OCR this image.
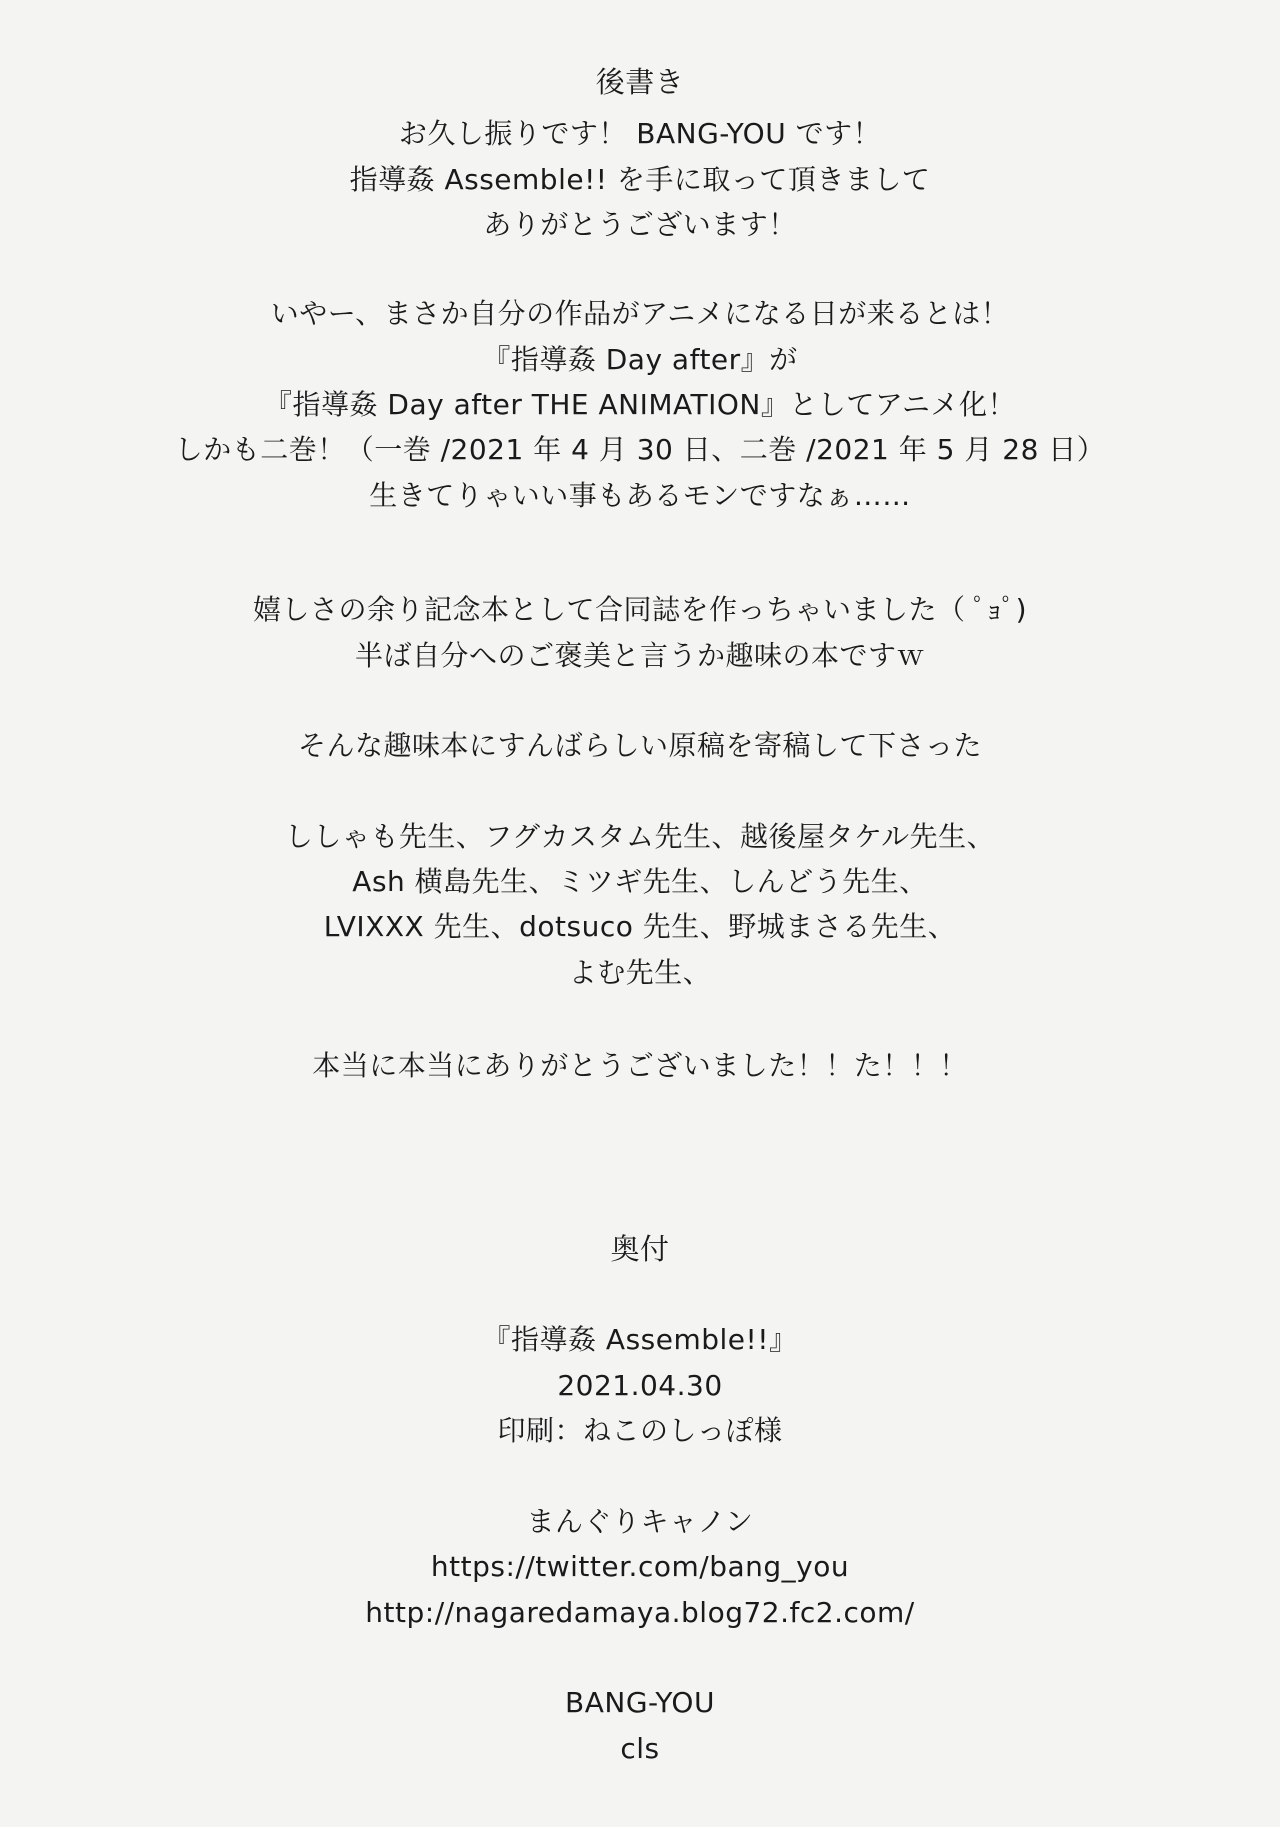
後書き
お久し振りです！ BANG-YOU です！
指導姦 Assemble!! を手に取って頂きまして
ありがとうございます！
いやー、まさか自分の作品がアニメになる日が来るとは！
『指導姦 Day after』が
『指導姦 Day after THE ANIMATION』としてアニメ化！
しかも二巻！（一巻 /2021 年 4 月 30 日、二巻 /2021 年 5 月 28 日）
生きてりゃいい事もあるモンですなぁ……
嬉しさの余り記念本として合同誌を作っちゃいました（ ﾟｮﾟ)
半ば自分へのご褒美と言うか趣味の本ですｗ
そんな趣味本にすんばらしい原稿を寄稿して下さった
ししゃも先生、フグカスタム先生、越後屋タケル先生、
Ash 横島先生、ミツギ先生、しんどう先生、
LVIXXX 先生、dotsuco 先生、野城まさる先生、
よむ先生、
本当に本当にありがとうございました！！た！！！
奥付
『指導姦 Assemble!!』
2021.04.30
印刷：ねこのしっぽ様
まんぐりキャノン
https://twitter.com/bang_you
http://nagaredamaya.blog72.fc2.com/
BANG-YOU
cls
